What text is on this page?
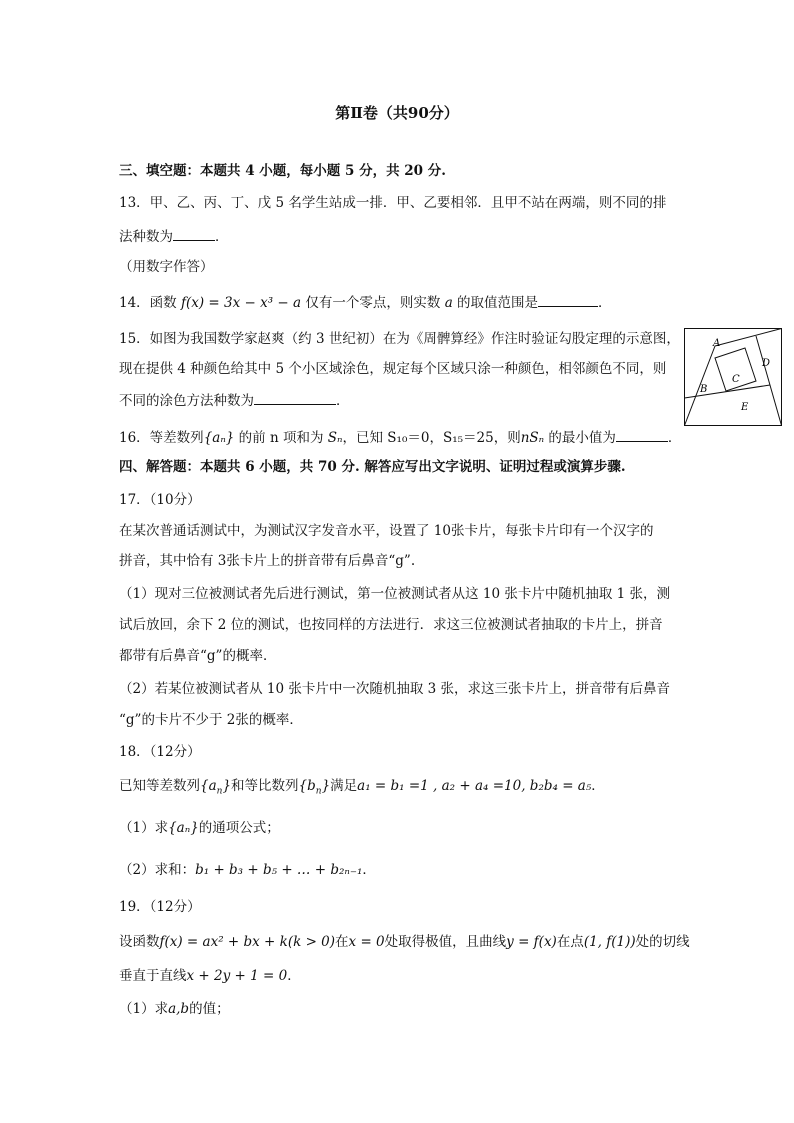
第Ⅱ卷（共90分）
三、填空题：本题共 4 小题，每小题 5 分，共 20 分.
13．甲、乙、丙、丁、戊 5 名学生站成一排．甲、乙要相邻．且甲不站在两端，则不同的排
法种数为	．
（用数字作答）
14．函数 f(x) = 3x − x³ − a 仅有一个零点，则实数 a 的取值范围是	．
15．如图为我国数学家赵爽（约 3 世纪初）在为《周髀算经》作注时验证勾股定理的示意图，
现在提供 4 种颜色给其中 5 个小区域涂色，规定每个区域只涂一种颜色，相邻颜色不同，则
不同的涂色方法种数为	．
A
B
C
D
E
16．等差数列{aₙ} 的前 n 项和为 Sₙ，已知 S₁₀＝0，S₁₅＝25，则nSₙ 的最小值为	．
四、解答题：本题共 6 小题，共 70 分. 解答应写出文字说明、证明过程或演算步骤.
17．（10分）
在某次普通话测试中，为测试汉字发音水平，设置了 10张卡片，每张卡片印有一个汉字的
拼音，其中恰有 3张卡片上的拼音带有后鼻音“g”.
（1）现对三位被测试者先后进行测试，第一位被测试者从这 10 张卡片中随机抽取 1 张，测
试后放回，余下 2 位的测试，也按同样的方法进行．求这三位被测试者抽取的卡片上，拼音
都带有后鼻音“g”的概率．
（2）若某位被测试者从 10 张卡片中一次随机抽取 3 张，求这三张卡片上，拼音带有后鼻音
“g”的卡片不少于 2张的概率．
18．（12分）
已知等差数列$\{a_n\}$和等比数列$\{b_n\}$满足a₁ = b₁ =1 , a₂ + a₄ =10, b₂b₄ = a₅．
（1）求{aₙ}的通项公式；
（2）求和：b₁ + b₃ + b₅ + … + b₂ₙ₋₁．
19．（12分）
设函数f(x) = ax² + bx + k(k > 0)在x = 0处取得极值，且曲线y = f(x)在点(1, f(1))处的切线
垂直于直线x + 2y + 1 = 0．
（1）求a,b的值；
